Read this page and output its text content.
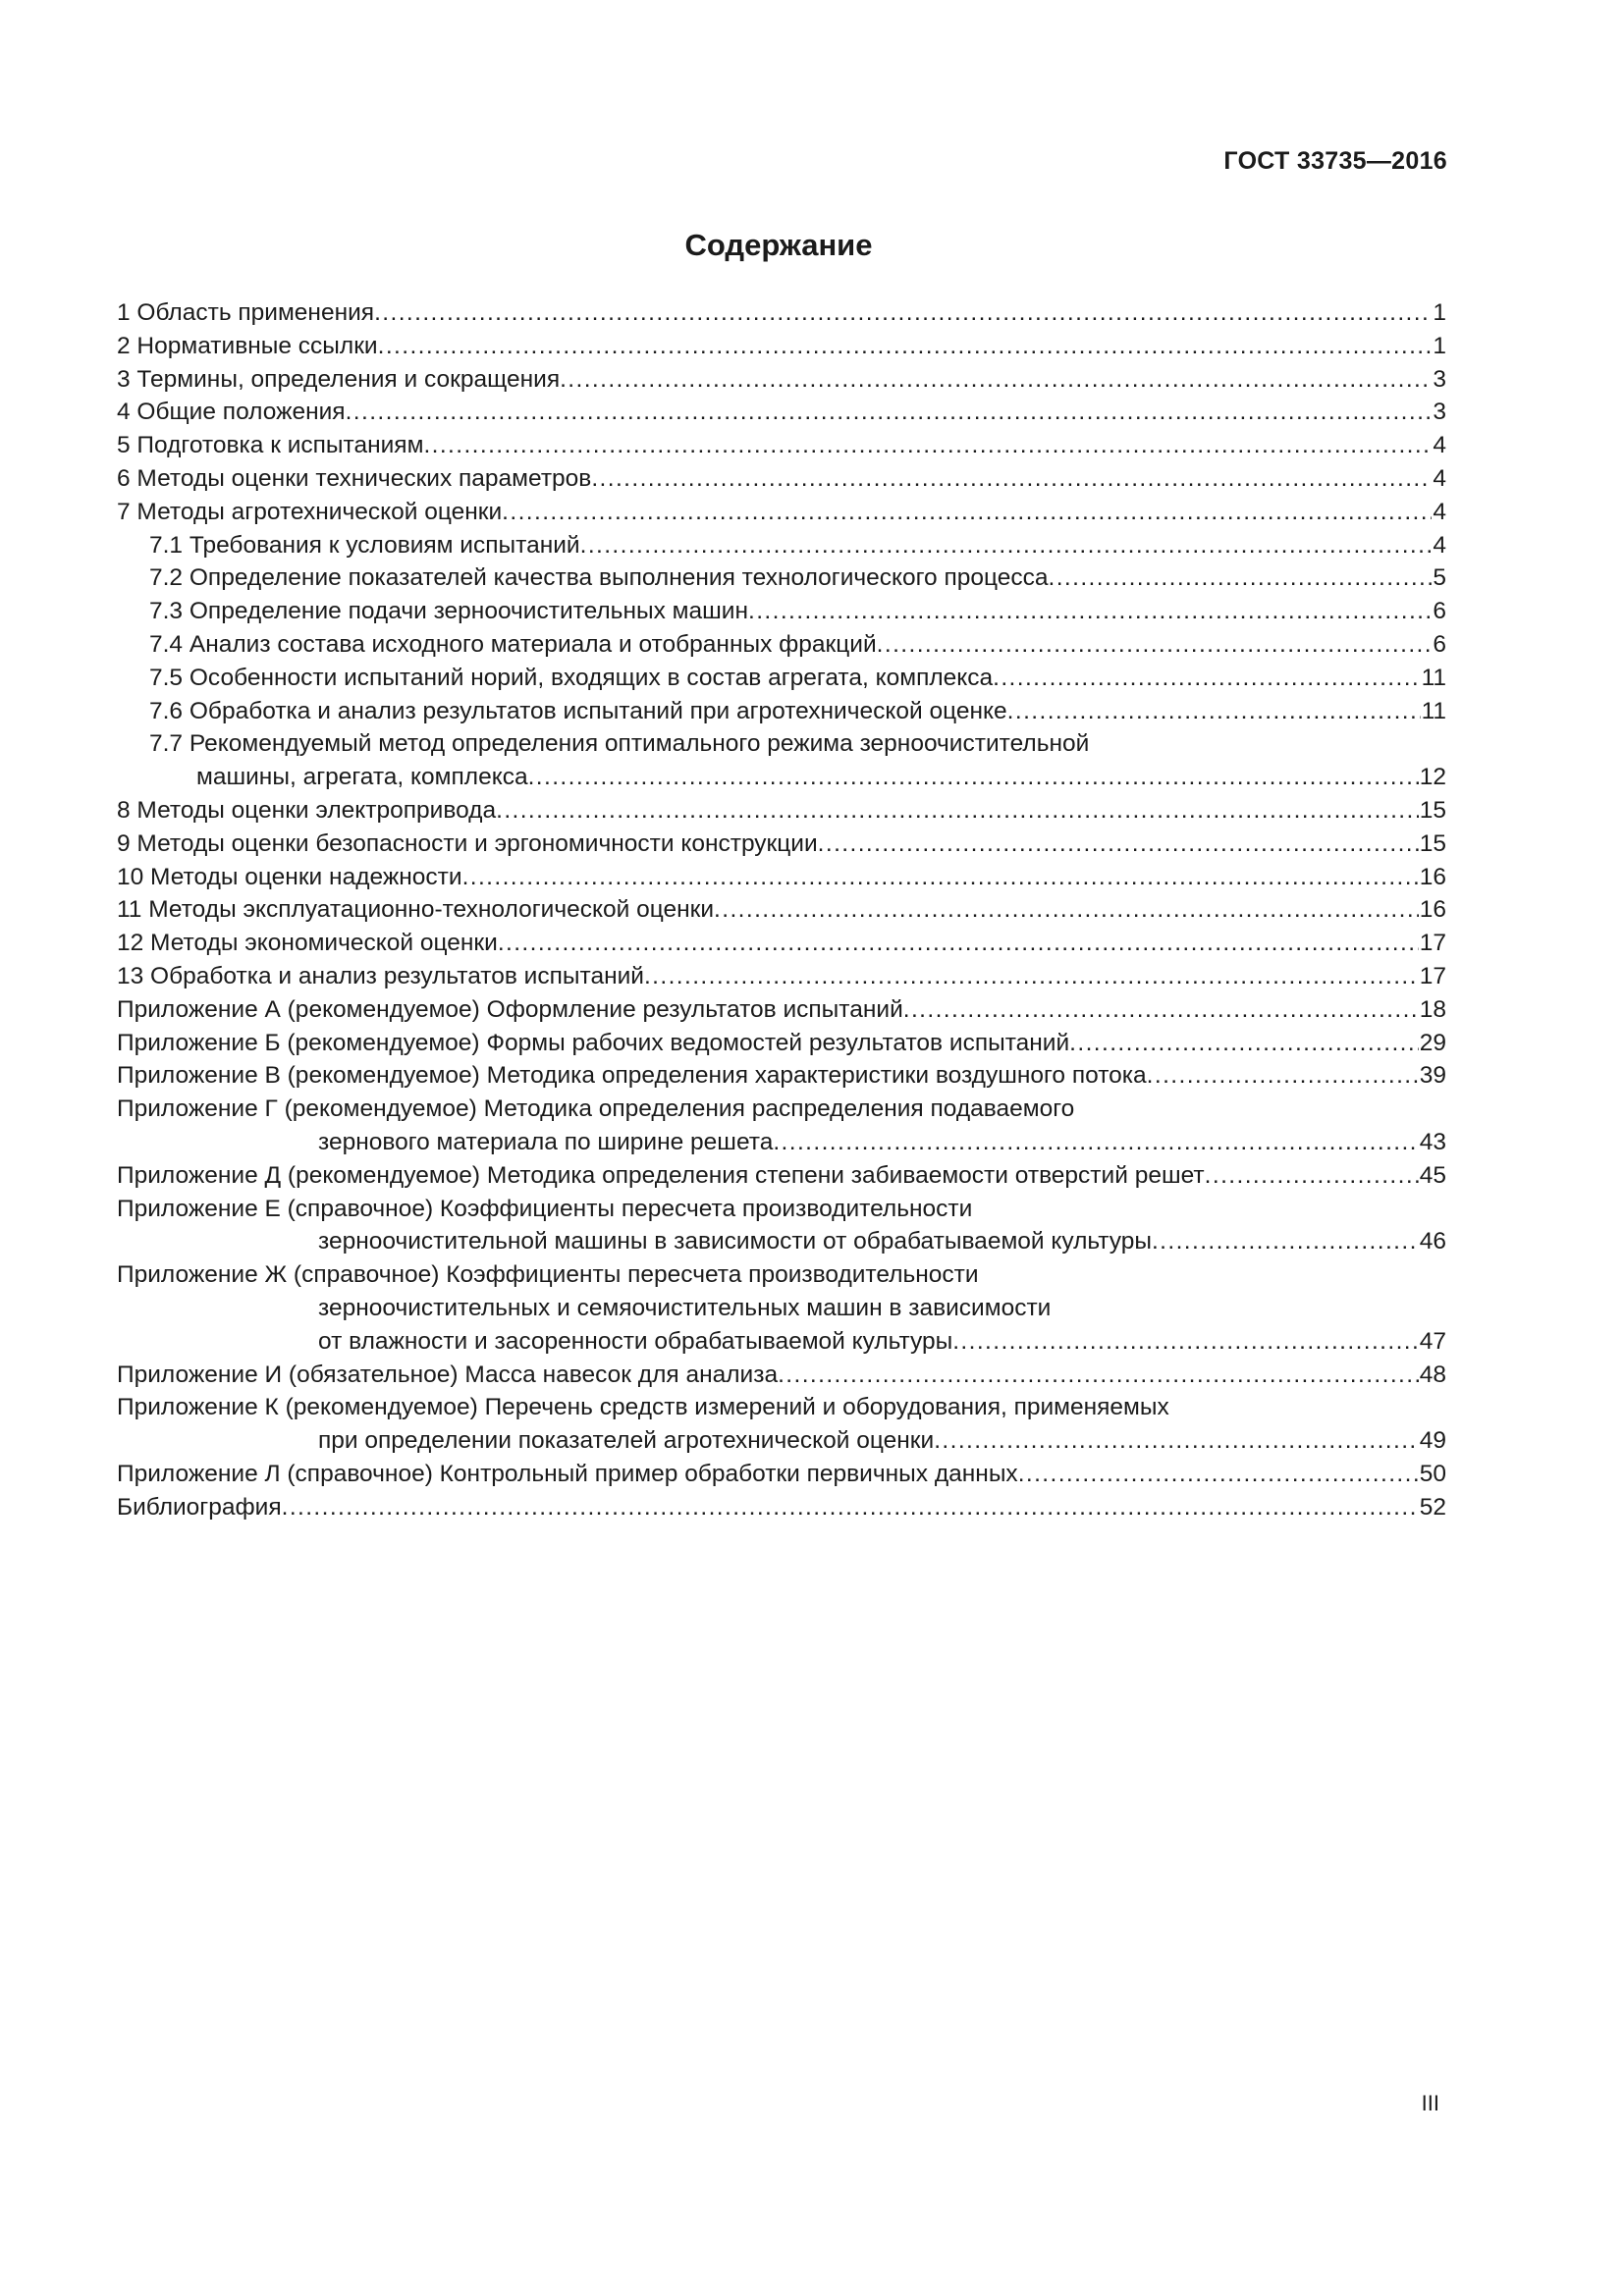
ГОСТ 33735—2016
Содержание
1 Область применения .....	1
2 Нормативные ссылки .....	1
3 Термины, определения и сокращения .....	3
4 Общие положения .....	3
5 Подготовка к испытаниям .....	4
6 Методы оценки технических параметров .....	4
7 Методы агротехнической оценки .....	4
7.1 Требования к условиям испытаний .....	4
7.2 Определение показателей качества выполнения технологического процесса .....	5
7.3 Определение подачи зерноочистительных машин .....	6
7.4 Анализ состава исходного материала и отобранных фракций .....	6
7.5 Особенности испытаний норий, входящих в состав агрегата, комплекса .....	11
7.6 Обработка и анализ результатов испытаний при агротехнической оценке .....	11
7.7 Рекомендуемый метод определения оптимального режима зерноочистительной
машины, агрегата, комплекса .....	12
8 Методы оценки электропривода .....	15
9 Методы оценки безопасности и эргономичности конструкции .....	15
10 Методы оценки надежности .....	16
11 Методы эксплуатационно-технологической оценки .....	16
12 Методы экономической оценки .....	17
13 Обработка и анализ результатов испытаний .....	17
Приложение А (рекомендуемое) Оформление результатов испытаний .....	18
Приложение Б (рекомендуемое) Формы рабочих ведомостей результатов испытаний .....	29
Приложение В (рекомендуемое) Методика определения характеристики воздушного потока .....	39
Приложение Г (рекомендуемое) Методика определения распределения подаваемого
зернового материала по ширине решета .....	43
Приложение Д (рекомендуемое) Методика определения степени забиваемости отверстий решет .....	45
Приложение Е (справочное) Коэффициенты пересчета производительности
зерноочистительной машины в зависимости от обрабатываемой культуры .....	46
Приложение Ж (справочное) Коэффициенты пересчета производительности
зерноочистительных и семяочистительных машин в зависимости
от влажности и засоренности обрабатываемой культуры .....	47
Приложение И (обязательное) Масса навесок для анализа .....	48
Приложение К (рекомендуемое) Перечень средств измерений и оборудования, применяемых
при определении показателей агротехнической оценки .....	49
Приложение Л (справочное) Контрольный пример обработки первичных данных .....	50
Библиография .....	52
III
